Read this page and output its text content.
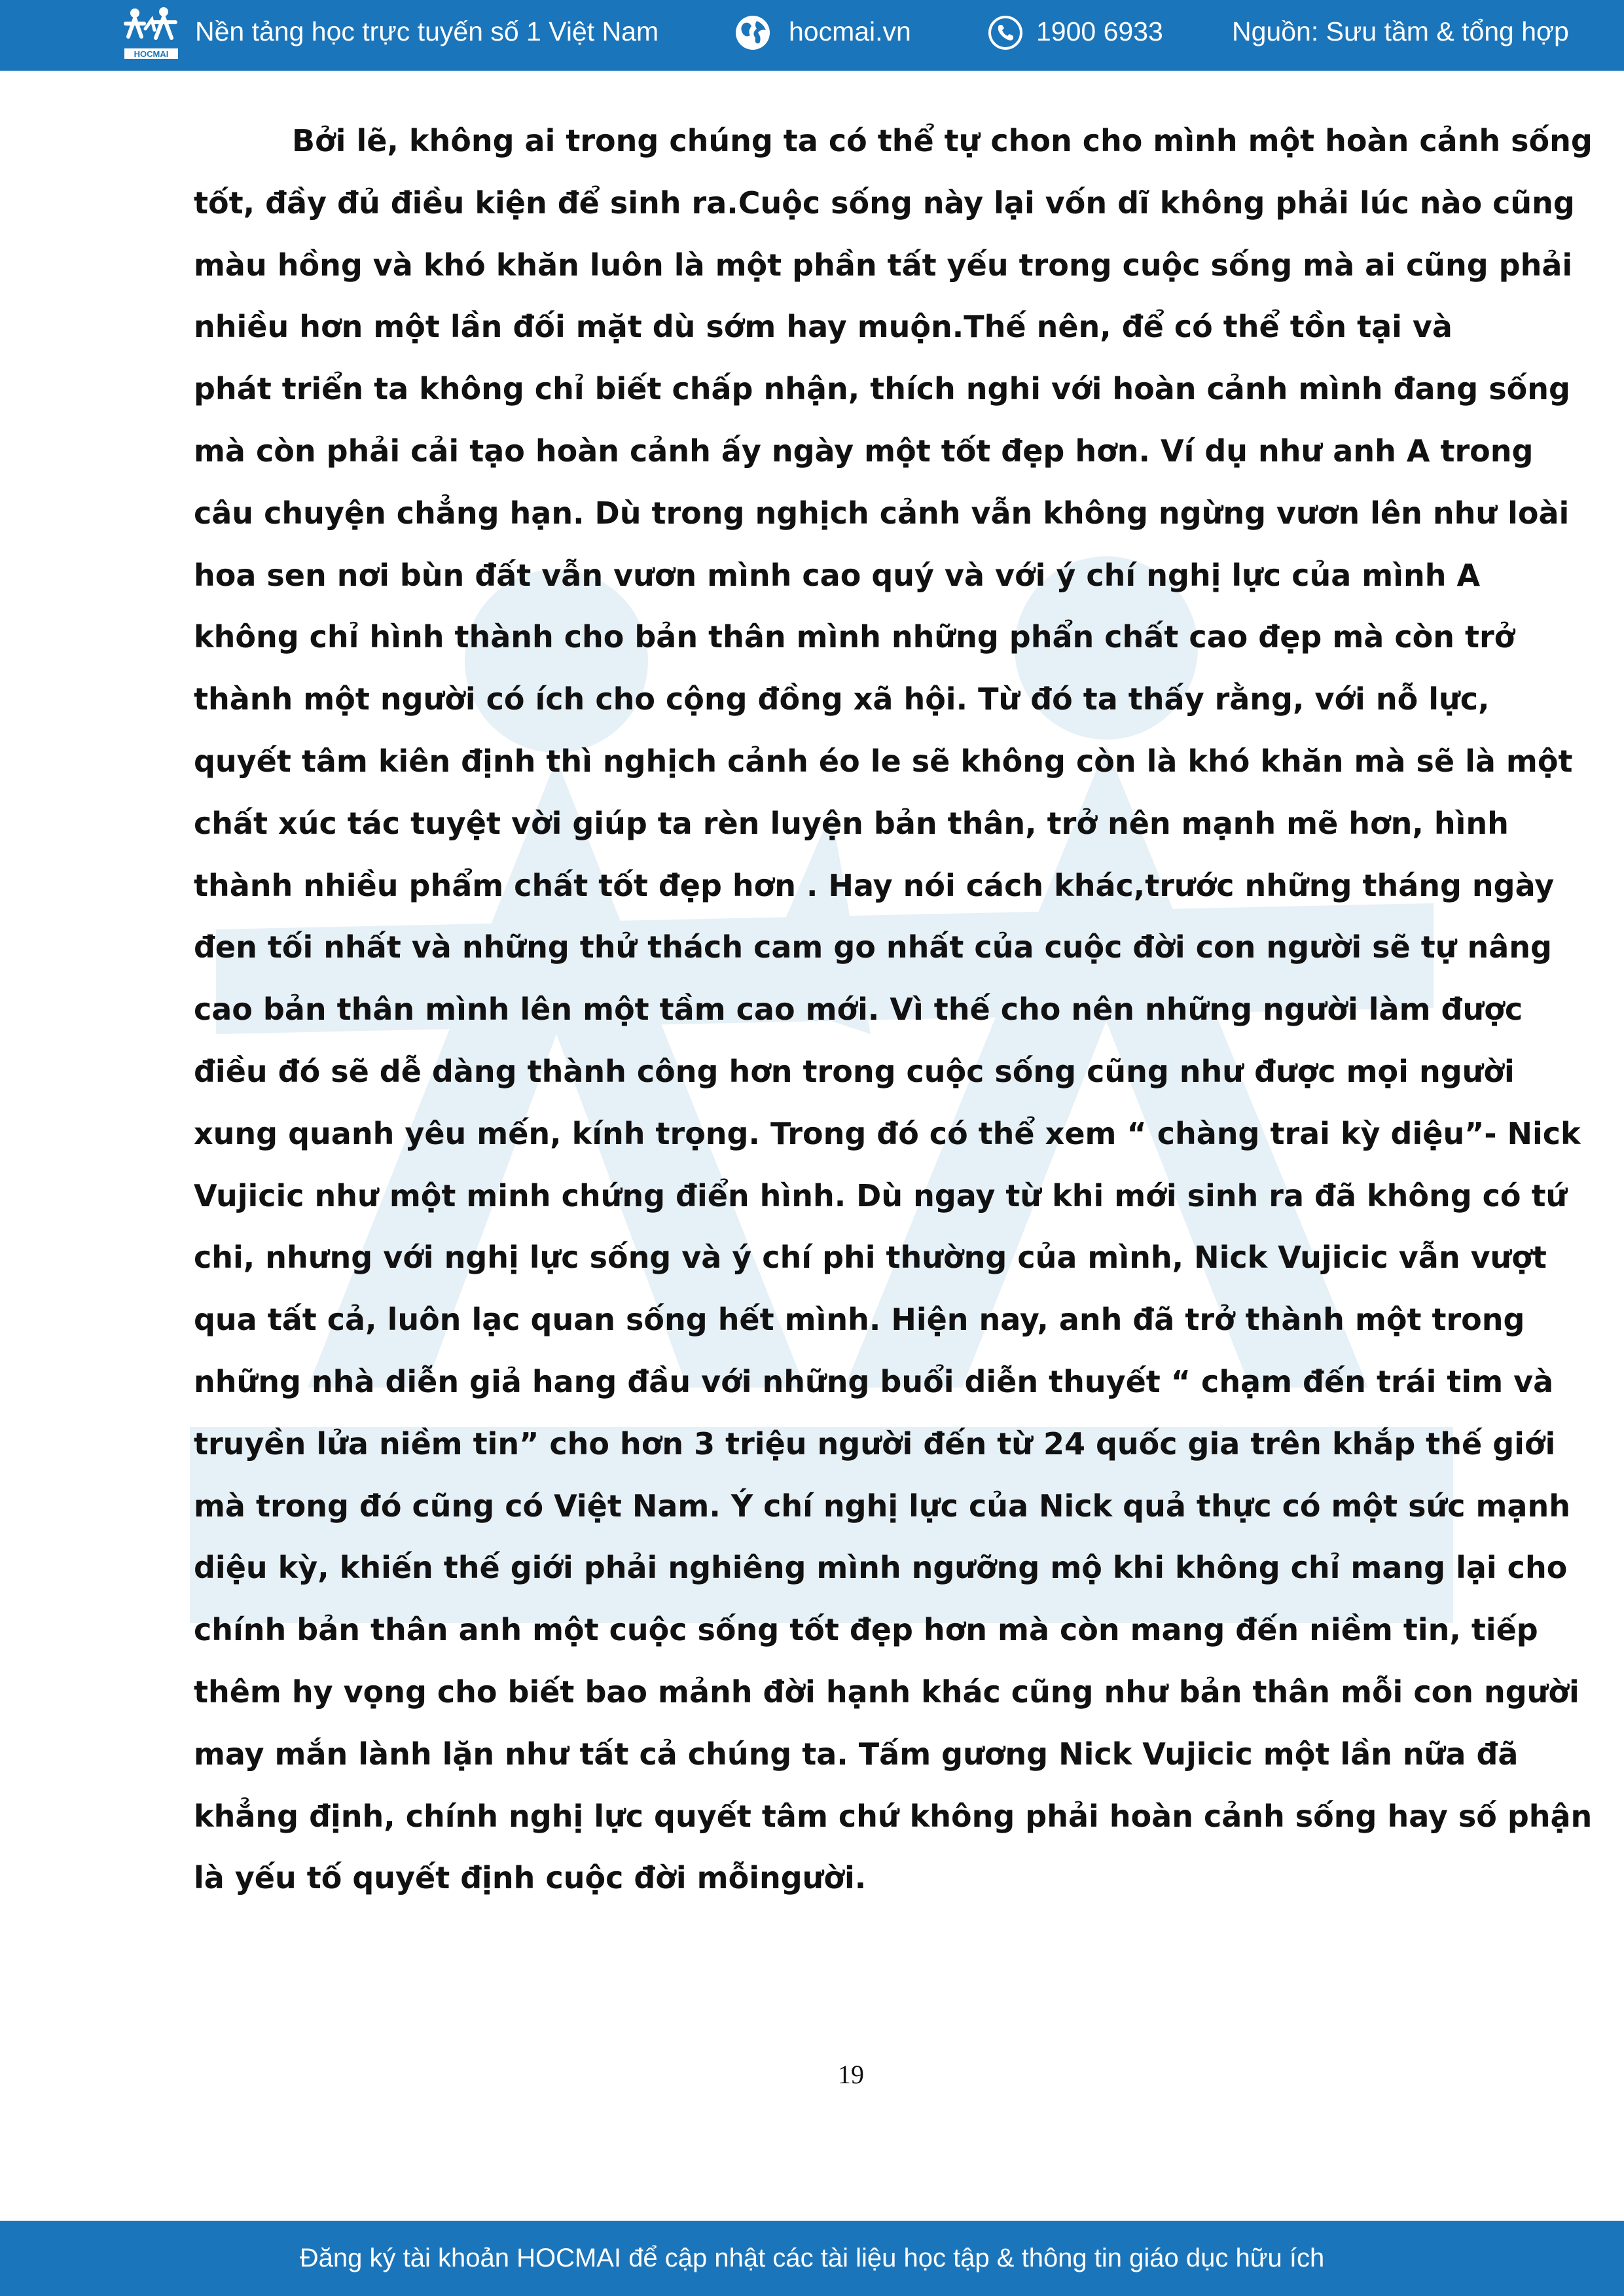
HOCMAI
Nền tảng học trực tuyến số 1 Việt Nam	hocmai.vn	1900 6933	Nguồn: Sưu tầm & tổng hợp
Bởi lẽ, không ai trong chúng ta có thể tự chon cho mình một hoàn cảnh sống
tốt, đầy đủ điều kiện để sinh ra.Cuộc sống này lại vốn dĩ không phải lúc nào cũng
màu hồng và khó khăn luôn là một phần tất yếu trong cuộc sống mà ai cũng phải
nhiều hơn một lần đối mặt dù sớm hay muộn.Thế nên, để có thể tồn tại và
phát triển ta không chỉ biết chấp nhận, thích nghi với hoàn cảnh mình đang sống
mà còn phải cải tạo hoàn cảnh ấy ngày một tốt đẹp hơn. Ví dụ như anh A trong
câu chuyện chẳng hạn. Dù trong nghịch cảnh vẫn không ngừng vươn lên như loài
hoa sen nơi bùn đất vẫn vươn mình cao quý và với ý chí nghị lực của mình A
không chỉ hình thành cho bản thân mình những phẩn chất cao đẹp mà còn trở
thành một người có ích cho cộng đồng xã hội. Từ đó ta thấy rằng, với nỗ lực,
quyết tâm kiên định thì nghịch cảnh éo le sẽ không còn là khó khăn mà sẽ là một
chất xúc tác tuyệt vời giúp ta rèn luyện bản thân, trở nên mạnh mẽ hơn, hình
thành nhiều phẩm chất tốt đẹp hơn . Hay nói cách khác,trước những tháng ngày
đen tối nhất và những thử thách cam go nhất của cuộc đời con người sẽ tự nâng
cao bản thân mình lên một tầm cao mới. Vì thế cho nên những người làm được
điều đó sẽ dễ dàng thành công hơn trong cuộc sống cũng như được mọi người
xung quanh yêu mến, kính trọng. Trong đó có thể xem “ chàng trai kỳ diệu”- Nick
Vujicic như một minh chứng điển hình. Dù ngay từ khi mới sinh ra đã không có tứ
chi, nhưng với nghị lực sống và ý chí phi thường của mình, Nick Vujicic vẫn vượt
qua tất cả, luôn lạc quan sống hết mình. Hiện nay, anh đã trở thành một trong
những nhà diễn giả hang đầu với những buổi diễn thuyết “ chạm đến trái tim và
truyền lửa niềm tin” cho hơn 3 triệu người đến từ 24 quốc gia trên khắp thế giới
mà trong đó cũng có Việt Nam. Ý chí nghị lực của Nick quả thực có một sức mạnh
diệu kỳ, khiến thế giới phải nghiêng mình ngưỡng mộ khi không chỉ mang lại cho
chính bản thân anh một cuộc sống tốt đẹp hơn mà còn mang đến niềm tin, tiếp
thêm hy vọng cho biết bao mảnh đời hạnh khác cũng như bản thân mỗi con người
may mắn lành lặn như tất cả chúng ta. Tấm gương Nick Vujicic một lần nữa đã
khẳng định, chính nghị lực quyết tâm chứ không phải hoàn cảnh sống hay số phận
là yếu tố quyết định cuộc đời mỗingười.
19
Đăng ký tài khoản HOCMAI để cập nhật các tài liệu học tập & thông tin giáo dục hữu ích
